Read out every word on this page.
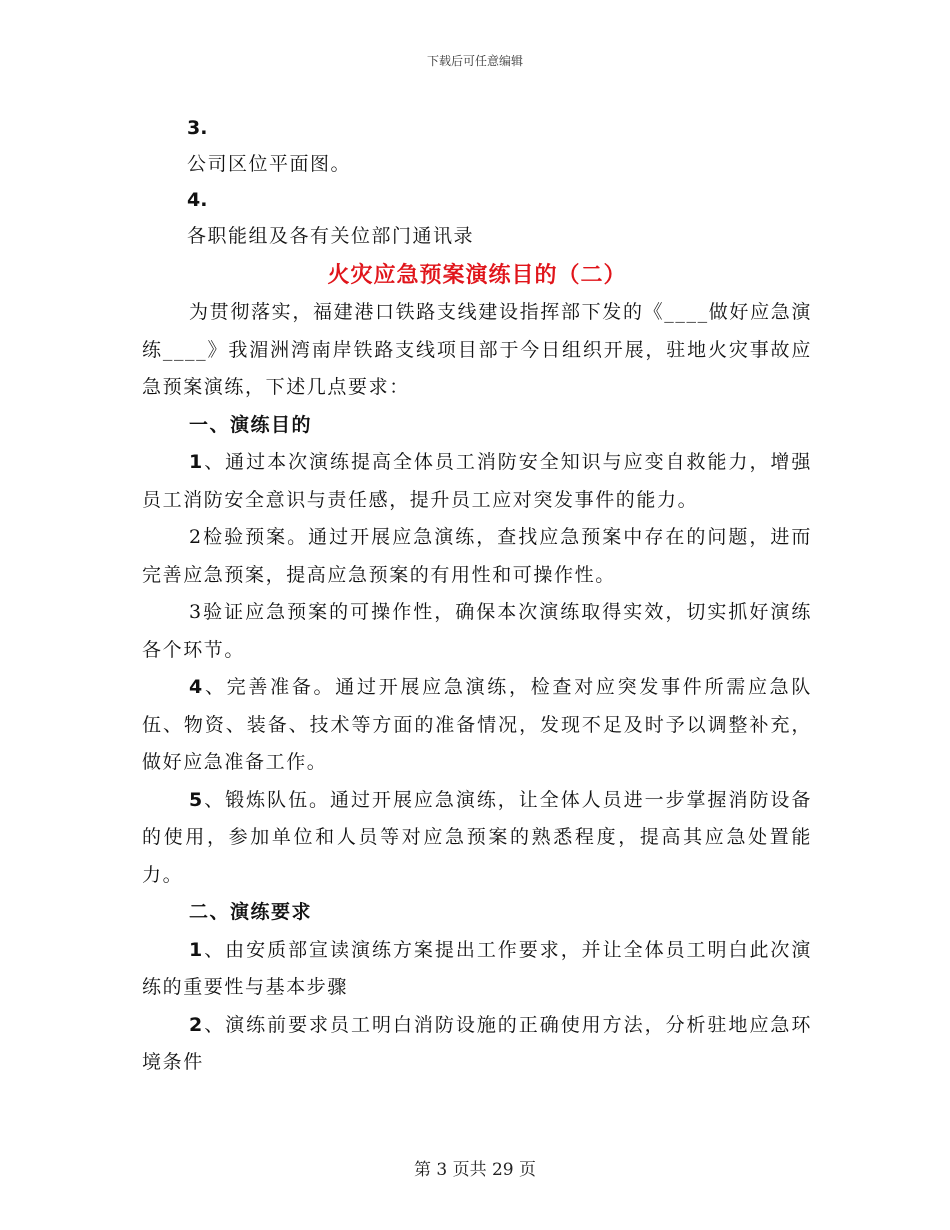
下载后可任意编辑
3.
公司区位平面图。
4.
各职能组及各有关位部门通讯录
火灾应急预案演练目的（二）

为贯彻落实，福建港口铁路支线建设指挥部下发的《____做好应急演练____》我湄洲湾南岸铁路支线项目部于今日组织开展，驻地火灾事故应急预案演练，下述几点要求：

一、演练目的

1、通过本次演练提高全体员工消防安全知识与应变自救能力，增强员工消防安全意识与责任感，提升员工应对突发事件的能力。

2检验预案。通过开展应急演练，查找应急预案中存在的问题，进而完善应急预案，提高应急预案的有用性和可操作性。

3验证应急预案的可操作性，确保本次演练取得实效，切实抓好演练各个环节。

4、完善准备。通过开展应急演练，检查对应突发事件所需应急队伍、物资、装备、技术等方面的准备情况，发现不足及时予以调整补充，做好应急准备工作。

5、锻炼队伍。通过开展应急演练，让全体人员进一步掌握消防设备的使用，参加单位和人员等对应急预案的熟悉程度，提高其应急处置能力。

二、演练要求

1、由安质部宣读演练方案提出工作要求，并让全体员工明白此次演练的重要性与基本步骤

2、演练前要求员工明白消防设施的正确使用方法，分析驻地应急环境条件

第 3 页共 29 页
